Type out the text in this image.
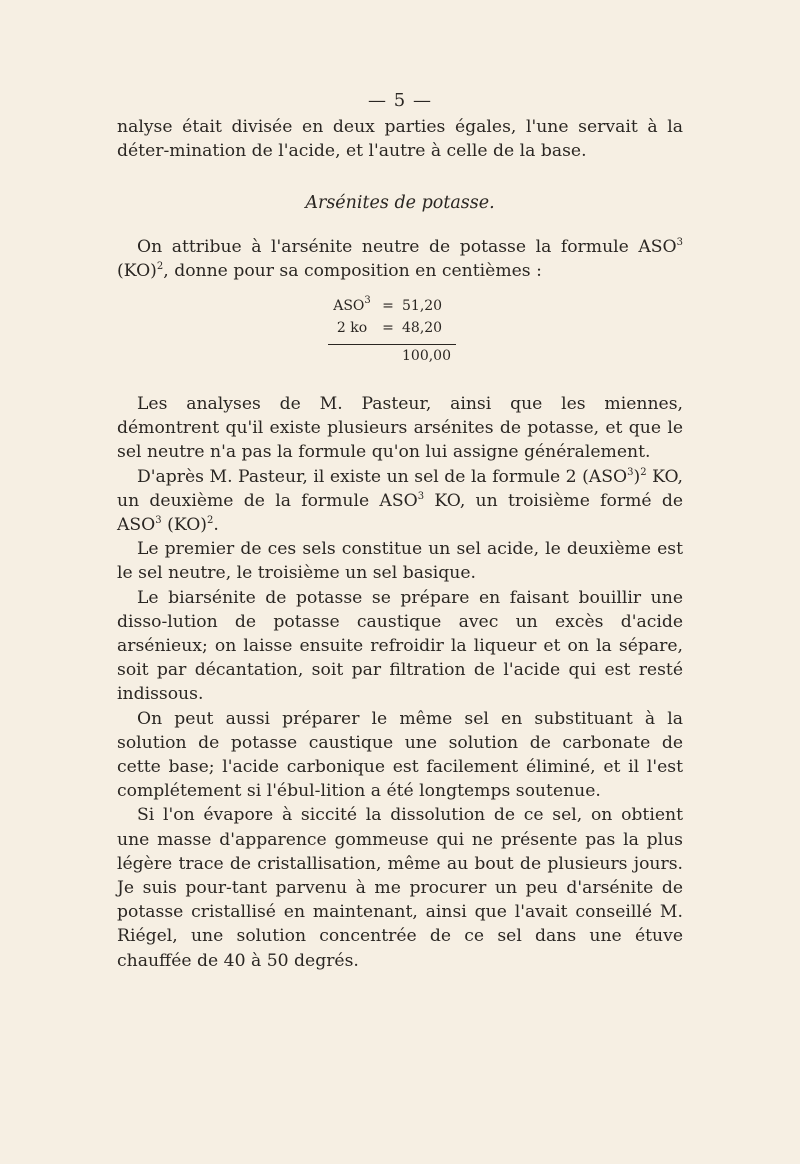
— 5 —

nalyse était divisée en deux parties égales, l'une servait à la déter-mination de l'acide, et l'autre à celle de la base.

Arsénites de potasse.

On attribue à l'arsénite neutre de potasse la formule ASO$^3$ (KO)$^2$, donne pour sa composition en centièmes :

$ASO^3 = 51,20$
2 ko	= 48,20
100,00

Les analyses de M. Pasteur, ainsi que les miennes, démontrent qu'il existe plusieurs arsénites de potasse, et que le sel neutre n'a pas la formule qu'on lui assigne généralement.

D'après M. Pasteur, il existe un sel de la formule 2 $(ASO^3)^2$ KO, un deuxième de la formule ASO$^3$ KO, un troisième formé de ASO$^3$ (KO)$^2$.

Le premier de ces sels constitue un sel acide, le deuxième est le sel neutre, le troisième un sel basique.

Le biarsénite de potasse se prépare en faisant bouillir une disso-lution de potasse caustique avec un excès d'acide arsénieux; on laisse ensuite refroidir la liqueur et on la sépare, soit par décantation, soit par filtration de l'acide qui est resté indissous.

On peut aussi préparer le même sel en substituant à la solution de potasse caustique une solution de carbonate de cette base; l'acide carbonique est facilement éliminé, et il l'est complétement si l'ébul-lition a été longtemps soutenue.

Si l'on évapore à siccité la dissolution de ce sel, on obtient une masse d'apparence gommeuse qui ne présente pas la plus légère trace de cristallisation, même au bout de plusieurs jours. Je suis pour-tant parvenu à me procurer un peu d'arsénite de potasse cristallisé en maintenant, ainsi que l'avait conseillé M. Riégel, une solution concentrée de ce sel dans une étuve chauffée de 40 à 50 degrés.
